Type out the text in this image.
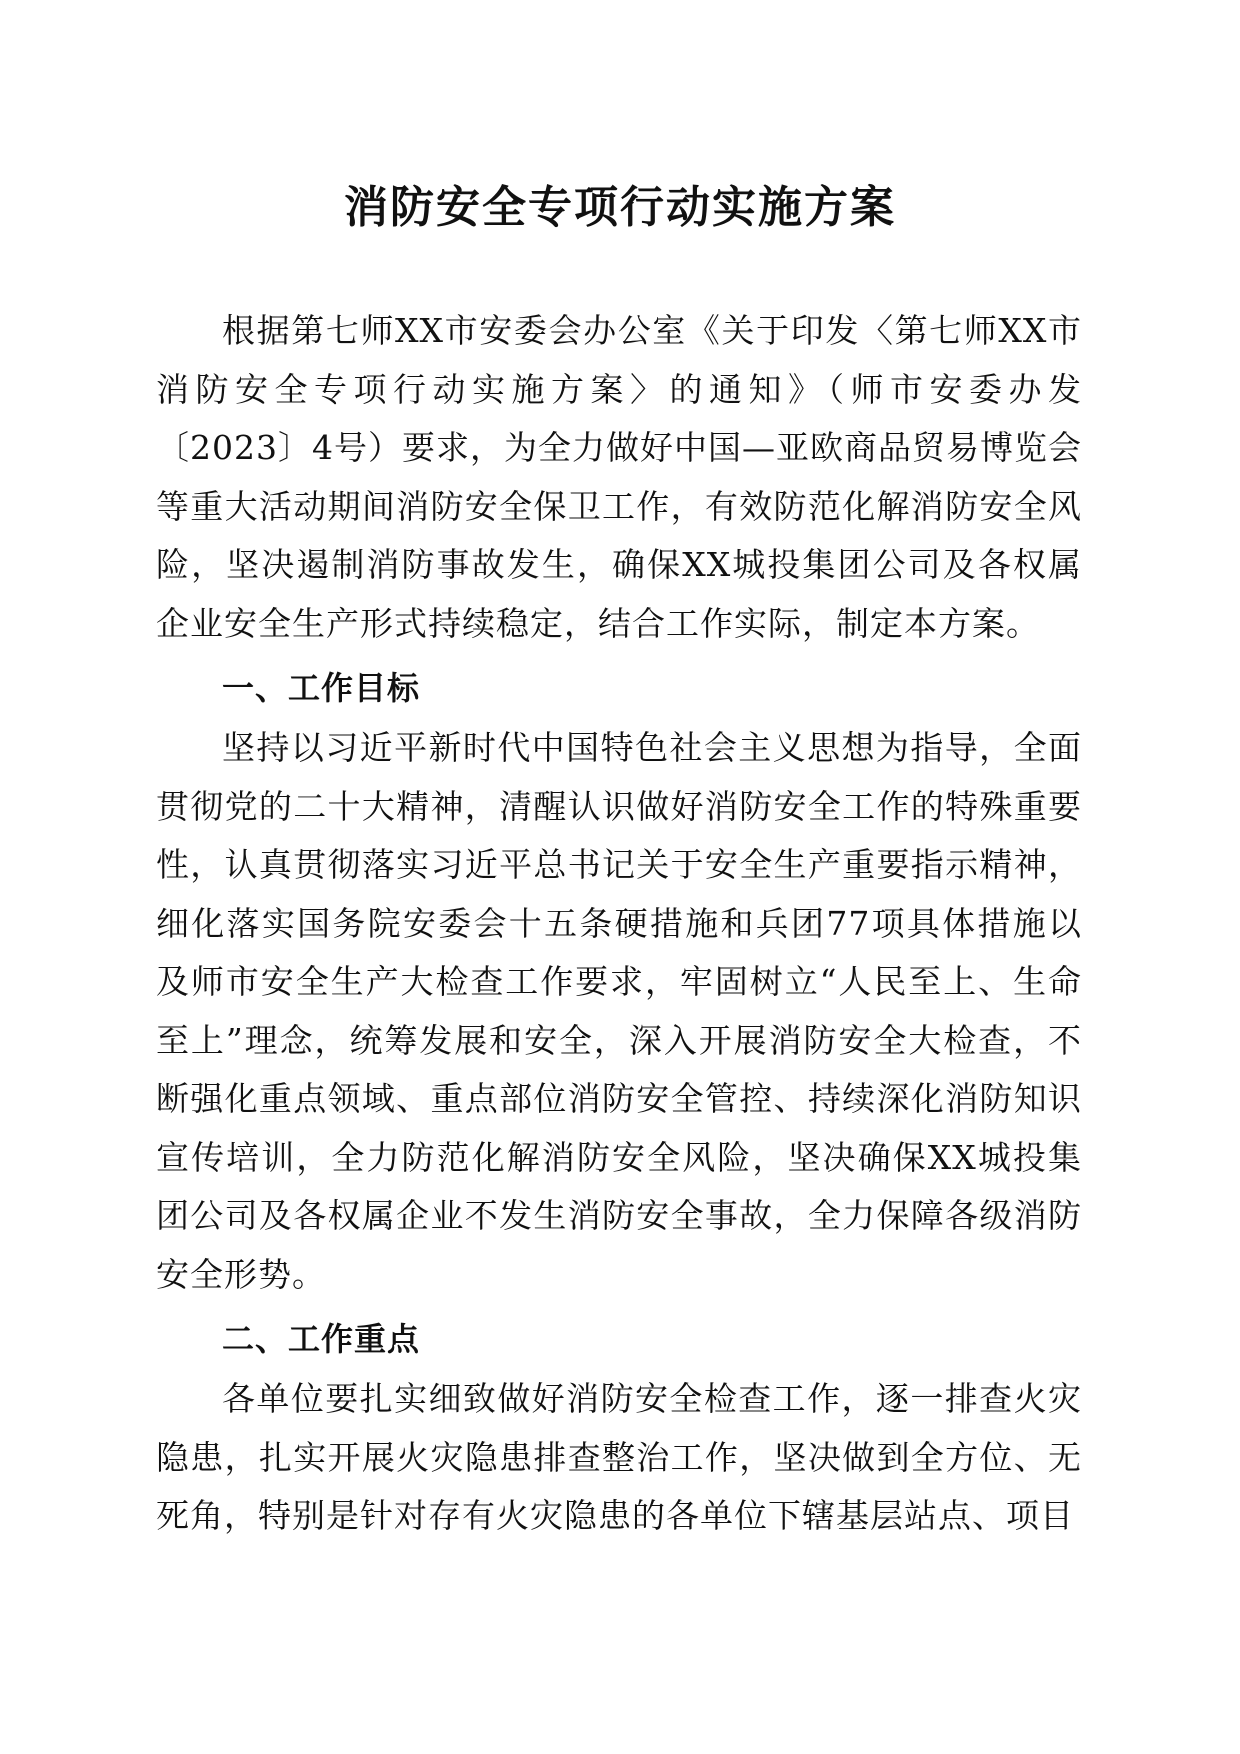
消防安全专项行动实施方案

根据第七师XX市安委会办公室《关于印发〈第七师XX市消防安全专项行动实施方案〉的通知》（师市安委办发〔2023〕4号）要求，为全力做好中国—亚欧商品贸易博览会等重大活动期间消防安全保卫工作，有效防范化解消防安全风险，坚决遏制消防事故发生，确保XX城投集团公司及各权属企业安全生产形式持续稳定，结合工作实际，制定本方案。

一、工作目标

坚持以习近平新时代中国特色社会主义思想为指导，全面贯彻党的二十大精神，清醒认识做好消防安全工作的特殊重要性，认真贯彻落实习近平总书记关于安全生产重要指示精神，细化落实国务院安委会十五条硬措施和兵团77项具体措施以及师市安全生产大检查工作要求，牢固树立“人民至上、生命至上”理念，统筹发展和安全，深入开展消防安全大检查，不断强化重点领域、重点部位消防安全管控、持续深化消防知识宣传培训，全力防范化解消防安全风险，坚决确保XX城投集团公司及各权属企业不发生消防安全事故，全力保障各级消防安全形势。

二、工作重点

各单位要扎实细致做好消防安全检查工作，逐一排查火灾隐患，扎实开展火灾隐患排查整治工作，坚决做到全方位、无死角，特别是针对存有火灾隐患的各单位下辖基层站点、项目
